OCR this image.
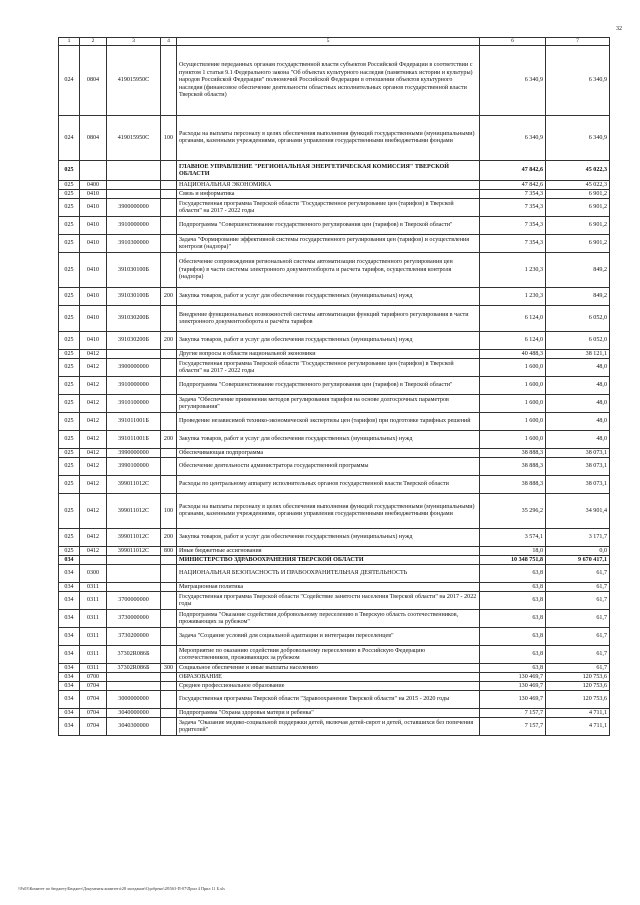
32
1	2	3	4	5	6	7
024	0804	419015950С		Осуществление переданных органам государственной власти субъектов Российской Федерации в соответствии с пунктом 1 статьи 9.1 Федерального закона "Об объектах культурного наследия (памятниках истории и культуры) народов Российской Федерации" полномочий Российской Федерации в отношении объектов культурного наследия (финансовое обеспечение деятельности областных исполнительных органов государственной власти Тверской области)	6 340,9	6 340,9
024	0804	419015950С	100	Расходы на выплаты персоналу в целях обеспечения выполнения функций государственными (муниципальными) органами, казенными учреждениями, органами управления государственными внебюджетными фондами	6 340,9	6 340,9
025				ГЛАВНОЕ УПРАВЛЕНИЕ "РЕГИОНАЛЬНАЯ ЭНЕРГЕТИЧЕСКАЯ КОМИССИЯ" ТВЕРСКОЙ ОБЛАСТИ	47 842,6	45 022,3
025	0400			НАЦИОНАЛЬНАЯ ЭКОНОМИКА	47 842,6	45 022,3
025	0410			Связь и информатика	7 354,3	6 901,2
025	0410	3900000000		Государственная программа Тверской области "Государственное регулирование цен (тарифов) в Тверской области" на 2017 - 2022 годы	7 354,3	6 901,2
025	0410	3910000000		Подпрограмма "Совершенствование государственного регулирования цен (тарифов) в Тверской области"	7 354,3	6 901,2
025	0410	3910300000		Задача "Формирование эффективной системы государственного регулирования цен (тарифов) и осуществления контроля (надзора)"	7 354,3	6 901,2
025	0410	391030100Б		Обеспечение сопровождения региональной системы автоматизации государственного регулирования цен (тарифов) в части системы электронного документооборота и расчета тарифов, осуществления контроля (надзора)	1 230,3	849,2
025	0410	391030100Б	200	Закупка товаров, работ и услуг для обеспечения государственных (муниципальных) нужд	1 230,3	849,2
025	0410	391030200Б		Внедрение функциональных возможностей системы автоматизации функций тарифного регулирования в части электронного документооборота и расчёта тарифов	6 124,0	6 052,0
025	0410	391030200Б	200	Закупка товаров, работ и услуг для обеспечения государственных (муниципальных) нужд	6 124,0	6 052,0
025	0412			Другие вопросы в области национальной экономики	40 488,3	38 121,1
025	0412	3900000000		Государственная программа Тверской области "Государственное регулирование цен (тарифов) в Тверской области" на 2017 - 2022 годы	1 600,0	48,0
025	0412	3910000000		Подпрограмма "Совершенствование государственного регулирования цен (тарифов) в Тверской области"	1 600,0	48,0
025	0412	3910100000		Задача "Обеспечение применения методов регулирования тарифов на основе долгосрочных параметров регулирования"	1 600,0	48,0
025	0412	391011001Б		Проведение независимой технико-экономической экспертизы цен (тарифов) при подготовке тарифных решений	1 600,0	48,0
025	0412	391011001Б	200	Закупка товаров, работ и услуг для обеспечения государственных (муниципальных) нужд	1 600,0	48,0
025	0412	3990000000		Обеспечивающая подпрограмма	38 888,3	38 073,1
025	0412	3990100000		Обеспечение деятельности администратора государственной программы	38 888,3	38 073,1
025	0412	399011012С		Расходы по центральному аппарату исполнительных органов государственной власти Тверской области	38 888,3	38 073,1
025	0412	399011012С	100	Расходы на выплаты персоналу в целях обеспечения выполнения функций государственными (муниципальными) органами, казенными учреждениями, органами управления государственными внебюджетными фондами	35 296,2	34 901,4
025	0412	399011012С	200	Закупка товаров, работ и услуг для обеспечения государственных (муниципальных) нужд	3 574,1	3 171,7
025	0412	399011012С	800	Иные бюджетные ассигнования	18,0	0,0
034				МИНИСТЕРСТВО ЗДРАВООХРАНЕНИЯ ТВЕРСКОЙ ОБЛАСТИ	10 348 751,8	9 670 417,1
034	0300			НАЦИОНАЛЬНАЯ БЕЗОПАСНОСТЬ И ПРАВООХРАНИТЕЛЬНАЯ ДЕЯТЕЛЬНОСТЬ	63,8	61,7
034	0311			Миграционная политика	63,8	61,7
034	0311	3700000000		Государственная программа Тверской области "Содействие занятости населения Тверской области" на 2017 - 2022 годы	63,8	61,7
034	0311	3730000000		Подпрограмма "Оказание содействия добровольному переселению в Тверскую область соотечественников, проживающих за рубежом"	63,8	61,7
034	0311	3730200000		Задача "Создание условий для социальной адаптации и интеграции переселенцев"	63,8	61,7
034	0311	37302R086Б		Мероприятие по оказанию содействия добровольному переселению в Российскую Федерацию соотечественников, проживающих за рубежом	63,8	61,7
034	0311	37302R086Б	300	Социальное обеспечение и иные выплаты населению	63,8	61,7
034	0700			ОБРАЗОВАНИЕ	130 469,7	120 753,6
034	0704			Среднее профессиональное образование	130 469,7	120 753,6
034	0704	3000000000		Государственная программа Тверской области "Здравоохранение Тверской области" на 2015 - 2020 годы	130 469,7	120 753,6
034	0704	3040000000		Подпрограмма "Охрана здоровья матери и ребенка"	7 157,7	4 711,1
034	0704	3040300000		Задача "Оказание медико-социальной поддержки детей, включая детей-сирот и детей, оставшихся без попечения родителей"	7 157,7	4 711,1
\\Fs03\Комитет по бюджету\Бюджет\Документы комитета\28 заседание\Одобрено\28\563-П-07\Прил 4 Прил 11 Б.xls
